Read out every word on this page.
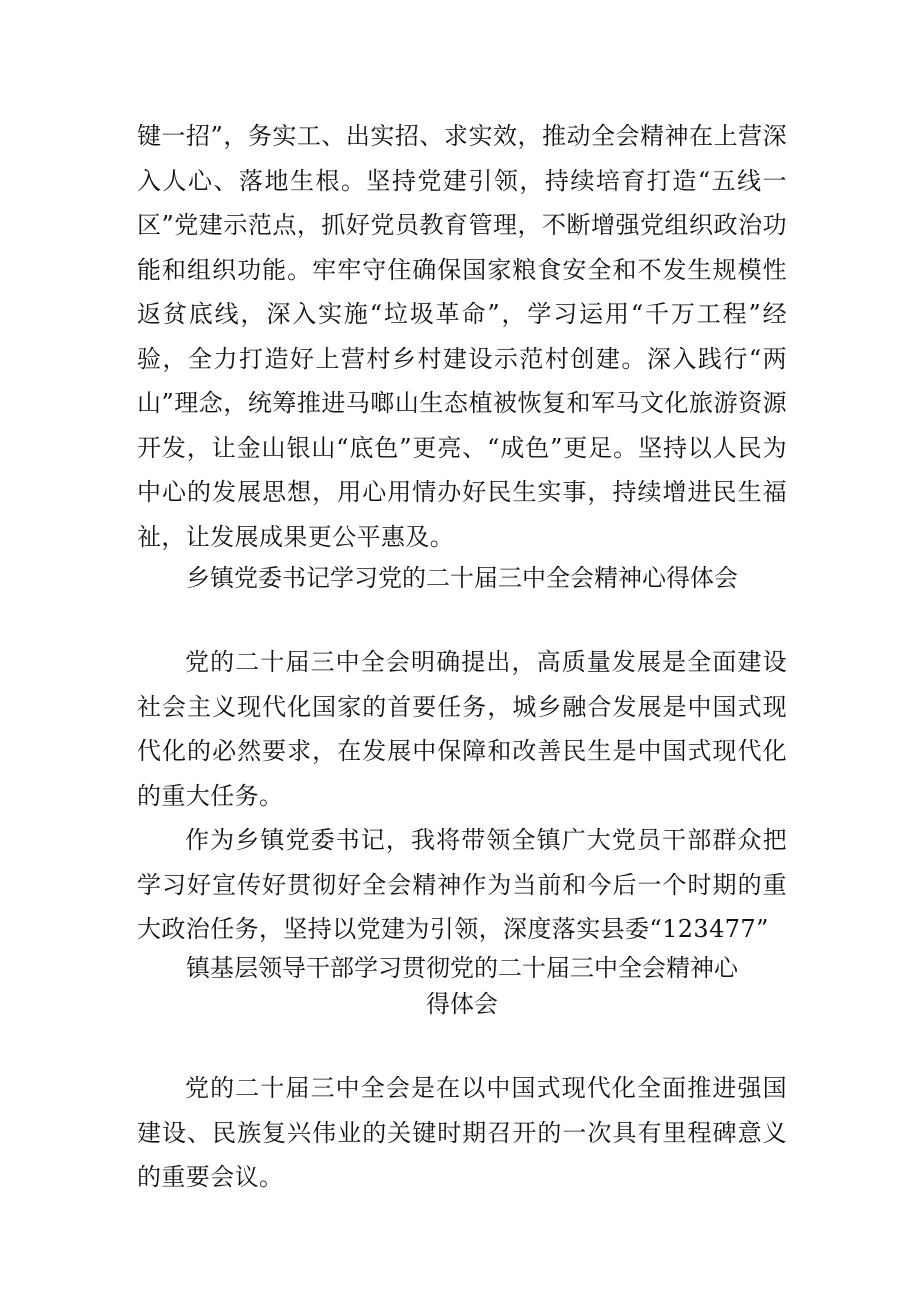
键一招”，务实工、出实招、求实效，推动全会精神在上营深入人心、落地生根。坚持党建引领，持续培育打造“五线一区”党建示范点，抓好党员教育管理，不断增强党组织政治功能和组织功能。牢牢守住确保国家粮食安全和不发生规模性返贫底线，深入实施“垃圾革命”，学习运用“千万工程”经验，全力打造好上营村乡村建设示范村创建。深入践行“两山”理念，统筹推进马啷山生态植被恢复和军马文化旅游资源开发，让金山银山“底色”更亮、“成色”更足。坚持以人民为中心的发展思想，用心用情办好民生实事，持续增进民生福祉，让发展成果更公平惠及。

乡镇党委书记学习党的二十届三中全会精神心得体会

党的二十届三中全会明确提出，高质量发展是全面建设社会主义现代化国家的首要任务，城乡融合发展是中国式现代化的必然要求，在发展中保障和改善民生是中国式现代化的重大任务。

作为乡镇党委书记，我将带领全镇广大党员干部群众把学习好宣传好贯彻好全会精神作为当前和今后一个时期的重大政治任务，坚持以党建为引领，深度落实县委“123477”

镇基层领导干部学习贯彻党的二十届三中全会精神心
得体会

党的二十届三中全会是在以中国式现代化全面推进强国建设、民族复兴伟业的关键时期召开的一次具有里程碑意义的重要会议。
